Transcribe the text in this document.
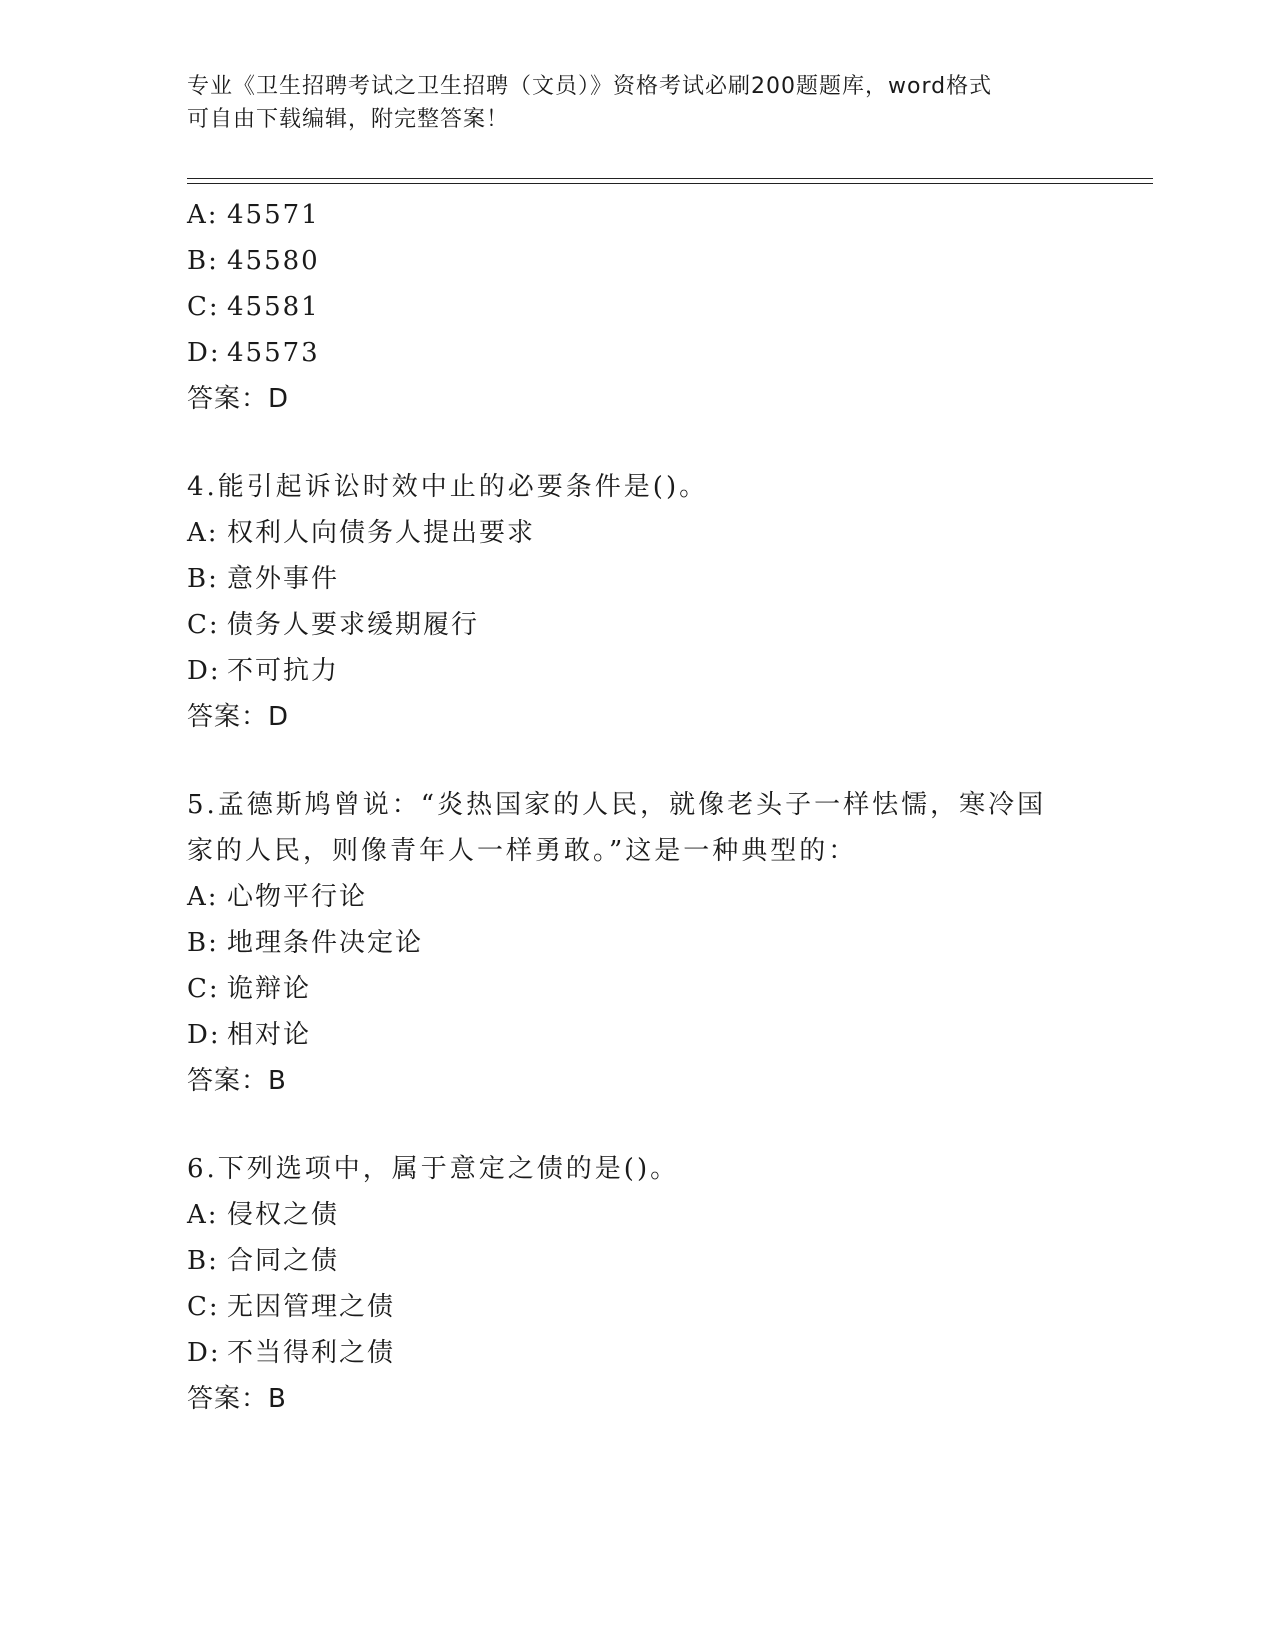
专业《卫生招聘考试之卫生招聘（文员）》资格考试必刷200题题库，word格式
可自由下载编辑，附完整答案！
A: 45571
B: 45580
C: 45581
D: 45573
答案：D
4.能引起诉讼时效中止的必要条件是()。
A: 权利人向债务人提出要求
B: 意外事件
C: 债务人要求缓期履行
D: 不可抗力
答案：D
5.孟德斯鸠曾说：“炎热国家的人民，就像老头子一样怯懦，寒冷国家的人民，则像青年人一样勇敢。”这是一种典型的：
A: 心物平行论
B: 地理条件决定论
C: 诡辩论
D: 相对论
答案：B
6.下列选项中，属于意定之债的是()。
A: 侵权之债
B: 合同之债
C: 无因管理之债
D: 不当得利之债
答案：B
